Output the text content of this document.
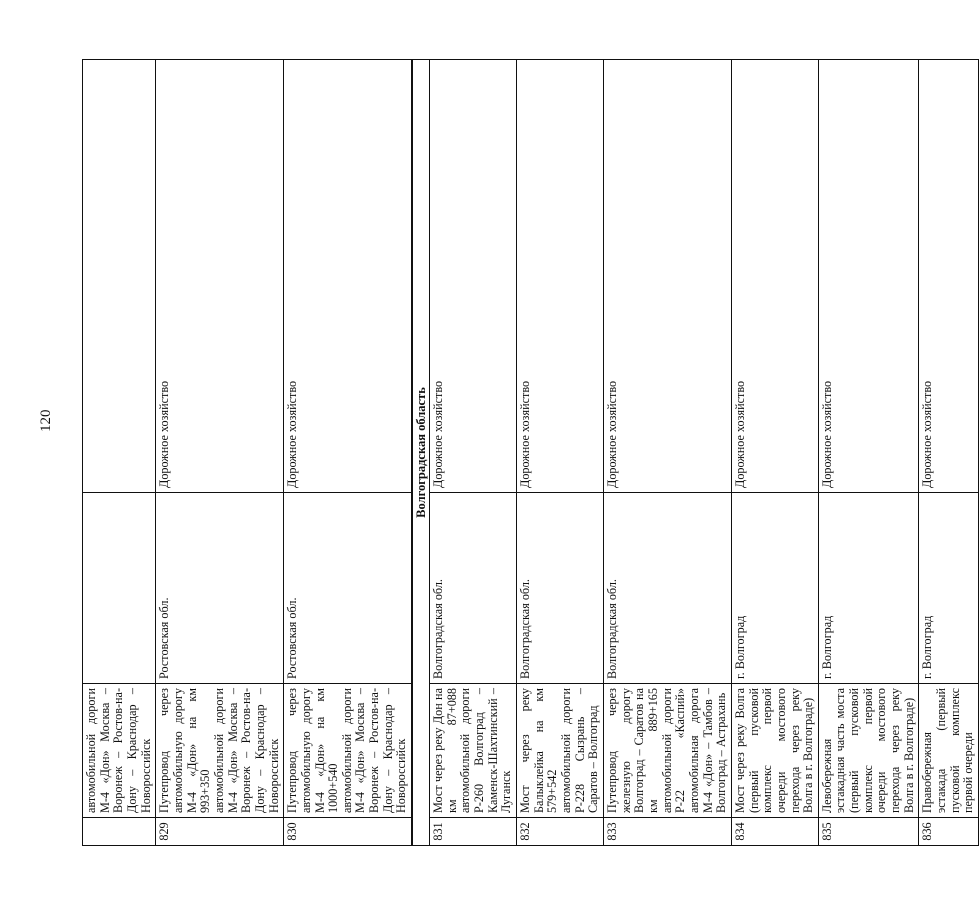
120
	автомобильной дороги М-4 «Дон» Москва – Воронеж – Ростов-на-Дону – Краснодар – Новороссийск		
829	Путепровод через автомобильную дорогу М-4 «Дон» на км 993+350 автомобильной дороги М-4 «Дон» Москва – Воронеж – Ростов-на-Дону – Краснодар – Новороссийск	Ростовская обл.	Дорожное хозяйство
830	Путепровод через автомобильную дорогу М-4 «Дон» на км 1000+540 автомобильной дороги М-4 «Дон» Москва – Воронеж – Ростов-на-Дону – Краснодар – Новороссийск	Ростовская обл.	Дорожное хозяйство
Волгоградская область			
831	Мост через реку Дон на км 87+088 автомобильной дороги Р-260 Волгоград – Каменск-Шахтинский – Луганск	Волгоградская обл.	Дорожное хозяйство
832	Мост через реку Балыклейка на км 579+542 автомобильной дороги Р-228 Сызрань – Саратов – Волгоград	Волгоградская обл.	Дорожное хозяйство
833	Путепровод через железную дорогу Волгоград – Саратов на км 889+165 автомобильной дороги Р-22 «Каспий» автомобильная дорога М-4 «Дон» – Тамбов – Волгоград – Астрахань	Волгоградская обл.	Дорожное хозяйство
834	Мост через реку Волга (первый пусковой комплекс первой очереди мостового перехода через реку Волга в г. Волгограде)	г. Волгоград	Дорожное хозяйство
835	Левобережная эстакадная часть моста (первый пусковой комплекс первой очереди мостового перехода через реку Волга в г. Волгограде)	г. Волгоград	Дорожное хозяйство
836	Правобережная эстакада (первый пусковой комплекс первой очереди	г. Волгоград	Дорожное хозяйство
